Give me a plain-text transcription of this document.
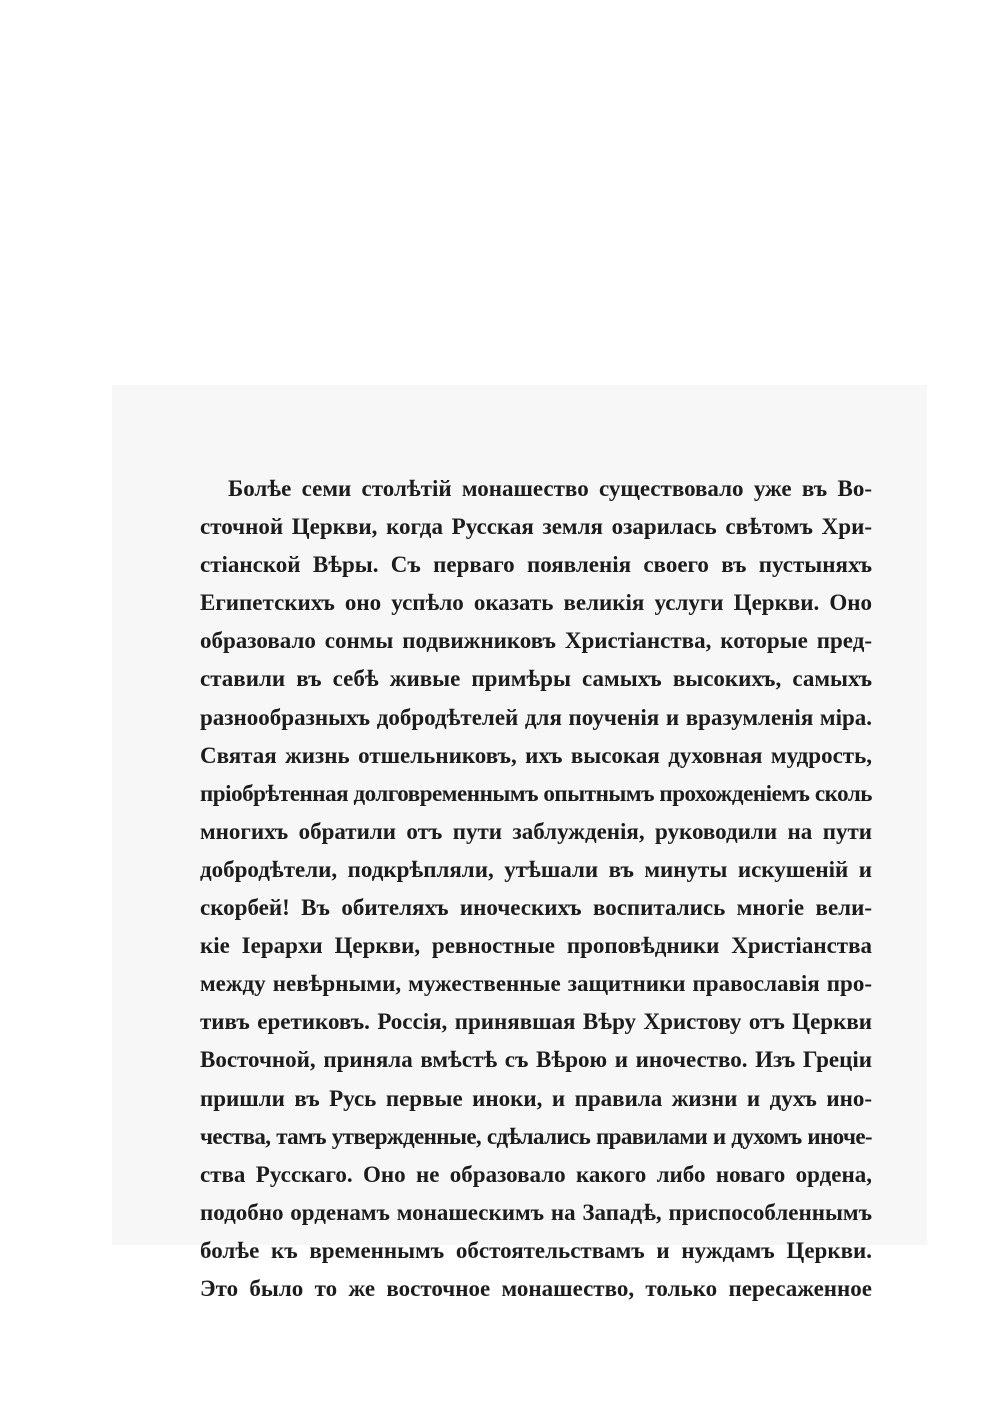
Болѣе семи столѣтій монашество существовало уже въ Во-
сточной Церкви, когда Русская земля озарилась свѣтомъ Хри-
стіанской Вѣры. Съ перваго появленія своего въ пустыняхъ
Египетскихъ оно успѣло оказать великія услуги Церкви. Оно
образовало сонмы подвижниковъ Христіанства, которые пред-
ставили въ себѣ живые примѣры самыхъ высокихъ, самыхъ
разнообразныхъ добродѣтелей для поученія и вразумленія міра.
Святая жизнь отшельниковъ, ихъ высокая духовная мудрость,
пріобрѣтенная долговременнымъ опытнымъ прохожденіемъ сколь
многихъ обратили отъ пути заблужденія, руководили на пути
добродѣтели, подкрѣпляли, утѣшали въ минуты искушеній и
скорбей! Въ обителяхъ иноческихъ воспитались многіе вели-
кіе Іерархи Церкви, ревностные проповѣдники Христіанства
между невѣрными, мужественные защитники православія про-
тивъ еретиковъ. Россія, принявшая Вѣру Христову отъ Церкви
Восточной, приняла вмѣстѣ съ Вѣрою и иночество. Изъ Греціи
пришли въ Русь первые иноки, и правила жизни и духъ ино-
чества, тамъ утвержденные, сдѣлались правилами и духомъ иноче-
ства Русскаго. Оно не образовало какого либо новаго ордена,
подобно орденамъ монашескимъ на Западѣ, приспособленнымъ
болѣе къ временнымъ обстоятельствамъ и нуждамъ Церкви.
Это было то же восточное монашество, только пересаженное
